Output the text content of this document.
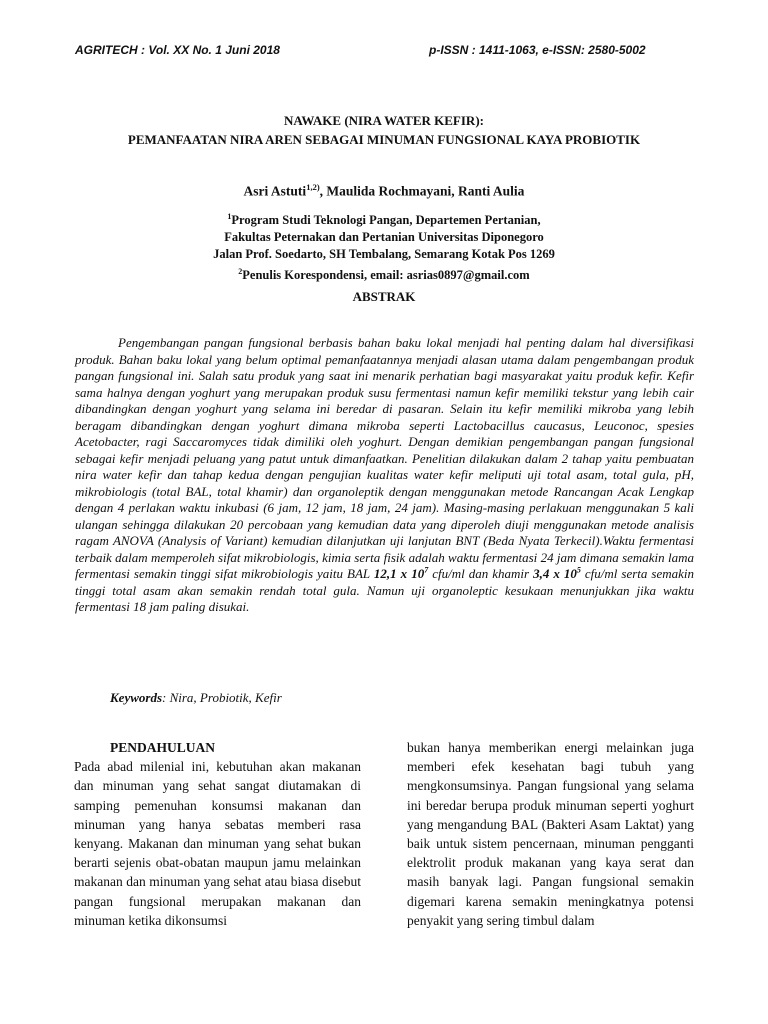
AGRITECH : Vol. XX No. 1 Juni 2018	p-ISSN : 1411-1063, e-ISSN: 2580-5002
NAWAKE (NIRA WATER KEFIR):
PEMANFAATAN NIRA AREN SEBAGAI MINUMAN FUNGSIONAL KAYA PROBIOTIK
Asri Astuti$^{1,2)}$, Maulida Rochmayani, Ranti Aulia
$^1$Program Studi Teknologi Pangan, Departemen Pertanian,
Fakultas Peternakan dan Pertanian Universitas Diponegoro
Jalan Prof. Soedarto, SH Tembalang, Semarang Kotak Pos 1269
$^2$Penulis Korespondensi, email: asrias0897@gmail.com
ABSTRAK

Pengembangan pangan fungsional berbasis bahan baku lokal menjadi hal penting dalam hal diversifikasi produk. Bahan baku lokal yang belum optimal pemanfaatannya menjadi alasan utama dalam pengembangan produk pangan fungsional ini. Salah satu produk yang saat ini menarik perhatian bagi masyarakat yaitu produk kefir. Kefir sama halnya dengan yoghurt yang merupakan produk susu fermentasi namun kefir memiliki tekstur yang lebih cair dibandingkan dengan yoghurt yang selama ini beredar di pasaran. Selain itu kefir memiliki mikroba yang lebih beragam dibandingkan dengan yoghurt dimana mikroba seperti Lactobacillus caucasus, Leuconoc, spesies Acetobacter, ragi Saccaromyces tidak dimiliki oleh yoghurt. Dengan demikian pengembangan pangan fungsional sebagai kefir menjadi peluang yang patut untuk dimanfaatkan. Penelitian dilakukan dalam 2 tahap yaitu pembuatan nira water kefir dan tahap kedua dengan pengujian kualitas water kefir meliputi uji total asam, total gula, pH, mikrobiologis (total BAL, total khamir) dan organoleptik dengan menggunakan metode Rancangan Acak Lengkap dengan 4 perlakan waktu inkubasi (6 jam, 12 jam, 18 jam, 24 jam). Masing-masing perlakuan menggunakan 5 kali ulangan sehingga dilakukan 20 percobaan yang kemudian data yang diperoleh diuji menggunakan metode analisis ragam ANOVA (Analysis of Variant) kemudian dilanjutkan uji lanjutan BNT (Beda Nyata Terkecil).Waktu fermentasi terbaik dalam memperoleh sifat mikrobiologis, kimia serta fisik adalah waktu fermentasi 24 jam dimana semakin lama fermentasi semakin tinggi sifat mikrobiologis yaitu BAL 12,1 x $10^7$ cfu/ml dan khamir 3,4 x $10^5$ cfu/ml serta semakin tinggi total asam akan semakin rendah total gula. Namun uji organoleptic kesukaan menunjukkan jika waktu fermentasi 18 jam paling disukai.

Keywords: Nira, Probiotik, Kefir
PENDAHULUAN
Pada abad milenial ini, kebutuhan akan makanan dan minuman yang sehat sangat diutamakan di samping pemenuhan konsumsi makanan dan minuman yang hanya sebatas memberi rasa kenyang. Makanan dan minuman yang sehat bukan berarti sejenis obat-obatan maupun jamu melainkan makanan dan minuman yang sehat atau biasa disebut pangan fungsional merupakan makanan dan minuman ketika dikonsumsi
bukan hanya memberikan energi melainkan juga memberi efek kesehatan bagi tubuh yang mengkonsumsinya. Pangan fungsional yang selama ini beredar berupa produk minuman seperti yoghurt yang mengandung BAL (Bakteri Asam Laktat) yang baik untuk sistem pencernaan, minuman pengganti elektrolit produk makanan yang kaya serat dan masih banyak lagi. Pangan fungsional semakin digemari karena semakin meningkatnya potensi penyakit yang sering timbul dalam
